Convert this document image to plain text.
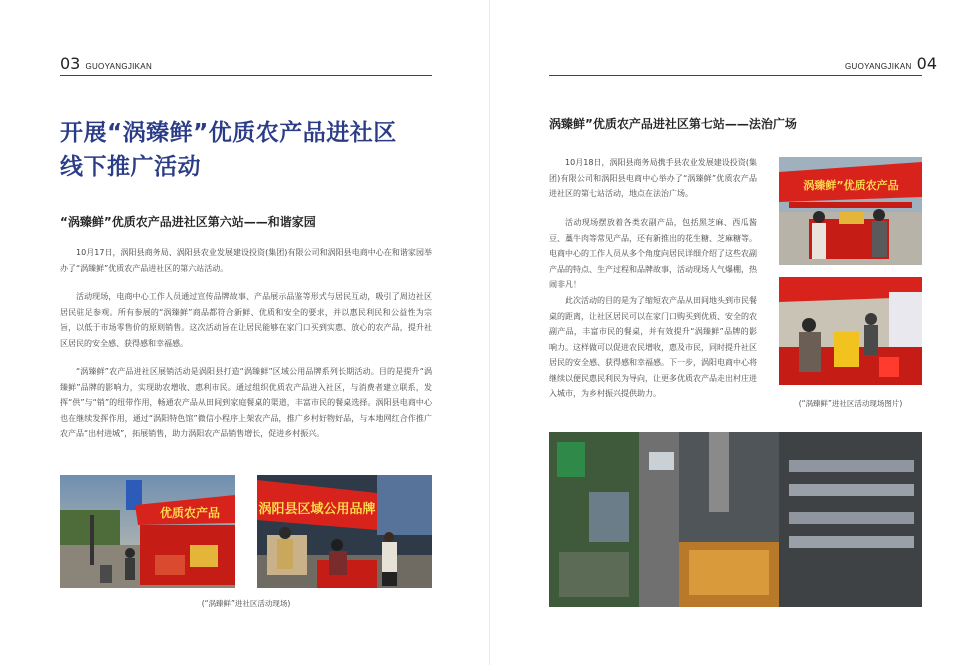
03 GUOYANGJIKAN
开展“涡臻鲜”优质农产品进社区
线下推广活动
“涡臻鲜”优质农产品进社区第六站——和谐家园
10月17日，涡阳县商务局、涡阳县农业发展建设投资(集团)有限公司和涡阳县电商中心在和谐家园举办了“涡臻鲜”优质农产品进社区的第六站活动。
活动现场，电商中心工作人员通过宣传品牌故事、产品展示品鉴等形式与居民互动，吸引了周边社区居民驻足参观。所有参展的“涡臻鲜”商品都符合新鲜、优质和安全的要求，并以惠民利民和公益性为宗旨，以低于市场零售价的原则销售。这次活动旨在让居民能够在家门口买到实惠、放心的农产品，提升社区居民的安全感、获得感和幸福感。
“涡臻鲜”农产品进社区展销活动是涡阳县打造“涡臻鲜”区域公用品牌系列长期活动。目的是提升“涡臻鲜”品牌的影响力，实现助农增收、惠利市民。通过组织优质农产品进入社区，与消费者建立联系，发挥“供”与“销”的纽带作用，畅通农产品从田间到家庭餐桌的渠道，丰富市民的餐桌选择。涡阳县电商中心也在继续发挥作用，通过“涡阳特色馆”微信小程序上架农产品，推广乡村好物好品，与本地网红合作推广农产品“出村进城”，拓展销售，助力涡阳农产品销售增长，促进乡村振兴。
优质农产品	涡阳县区域公用品牌
(“涡臻鲜”进社区活动现场)
GUOYANGJIKAN 04
涡臻鲜”优质农产品进社区第七站——法治广场
10月18日，涡阳县商务局携手县农业发展建设投资(集团)有限公司和涡阳县电商中心举办了“涡臻鲜”优质农产品进社区的第七站活动，地点在法治广场。
活动现场摆放着各类农副产品，包括黑芝麻、西瓜酱豆、藁牛肉等常见产品，还有新推出的花生糖、芝麻糖等。电商中心的工作人员从多个角度向居民详细介绍了这些农副产品的特点、生产过程和品牌故事，活动现场人气爆棚，热闹非凡！
此次活动的目的是为了缩短农产品从田间地头到市民餐桌的距离，让社区居民可以在家门口购买到优质、安全的农副产品，丰富市民的餐桌，并有效提升“涡臻鲜”品牌的影响力。这样做可以促进农民增收，惠及市民，同时提升社区居民的安全感、获得感和幸福感。下一步，涡阳电商中心将继续以便民惠民利民为导向，让更多优质农产品走出村庄进入城市，为乡村振兴提供助力。
涡臻鲜”优质农产品
(“涡臻鲜”进社区活动现场图片)
